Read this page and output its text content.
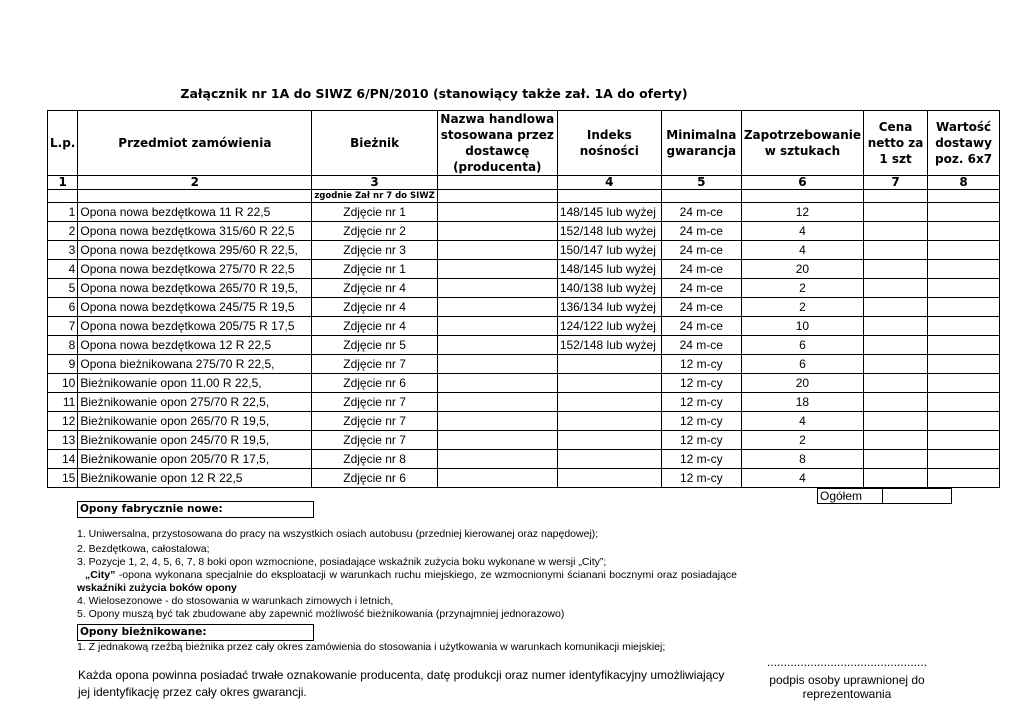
Załącznik nr 1A do SIWZ 6/PN/2010 (stanowiący także zał. 1A do oferty)
L.p.	Przedmiot zamówienia	Bieżnik	Nazwa handlowa stosowana przez dostawcę (producenta)	Indeks nośności	Minimalna gwarancja	Zapotrzebowanie w sztukach	Cena netto za 1 szt	Wartość dostawy poz. 6x7
1	2	3		4	5	6	7	8
		zgodnie Zał nr 7 do SIWZ						
1	Opona nowa bezdętkowa 11 R 22,5	Zdjęcie nr 1		148/145 lub wyżej	24 m-ce	12		
2	Opona nowa bezdętkowa 315/60 R 22,5	Zdjęcie nr 2		152/148 lub wyżej	24 m-ce	4		
3	Opona nowa bezdętkowa 295/60 R 22,5,	Zdjęcie nr 3		150/147 lub wyżej	24 m-ce	4		
4	Opona nowa bezdętkowa 275/70 R 22,5	Zdjęcie nr 1		148/145 lub wyżej	24 m-ce	20		
5	Opona nowa bezdętkowa 265/70 R 19,5,	Zdjęcie nr 4		140/138 lub wyżej	24 m-ce	2		
6	Opona nowa bezdętkowa 245/75 R 19,5	Zdjęcie nr 4		136/134 lub wyżej	24 m-ce	2		
7	Opona nowa bezdętkowa 205/75 R 17,5	Zdjęcie nr 4		124/122 lub wyżej	24 m-ce	10		
8	Opona nowa bezdętkowa 12 R 22,5	Zdjęcie nr 5		152/148 lub wyżej	24 m-ce	6		
9	Opona bieżnikowana 275/70 R 22,5,	Zdjęcie nr 7			12 m-cy	6		
10	Bieżnikowanie opon 11.00 R 22,5,	Zdjęcie nr 6			12 m-cy	20		
11	Bieżnikowanie opon 275/70 R 22,5,	Zdjęcie nr 7			12 m-cy	18		
12	Bieżnikowanie opon 265/70 R 19,5,	Zdjęcie nr 7			12 m-cy	4		
13	Bieżnikowanie opon 245/70 R 19,5,	Zdjęcie nr 7			12 m-cy	2		
14	Bieżnikowanie opon 205/70 R 17,5,	Zdjęcie nr 8			12 m-cy	8		
15	Bieżnikowanie opon 12 R 22,5	Zdjęcie nr 6			12 m-cy	4		
Ogółem	
Opony fabrycznie nowe:

1. Uniwersalna, przystosowana do pracy na wszystkich osiach autobusu (przedniej kierowanej oraz napędowej);

2. Bezdętkowa, całostalowa;

3. Pozycje 1, 2, 4, 5, 6, 7, 8 boki opon wzmocnione, posiadające wskaźnik zużycia boku wykonane w wersji „City”;

„City” -opona wykonana specjalnie do eksploatacji w warunkach ruchu miejskiego, ze wzmocnionymi ścianani bocznymi oraz posiadające wskaźniki zużycia boków opony

4. Wielosezonowe - do stosowania w warunkach zimowych i letnich,

5. Opony muszą być tak zbudowane aby zapewnić możliwość bieżnikowania (przynajmniej jednorazowo)

Opony bieżnikowane:

1. Z jednakową rzeźbą bieżnika przez cały okres zamówienia do stosowania i użytkowania w warunkach komunikacji miejskiej;

Każda opona powinna posiadać trwałe oznakowanie producenta, datę produkcji oraz numer identyfikacyjny umożliwiający jej identyfikację przez cały okres gwarancji.
................................................
podpis osoby uprawnionej do
reprezentowania
